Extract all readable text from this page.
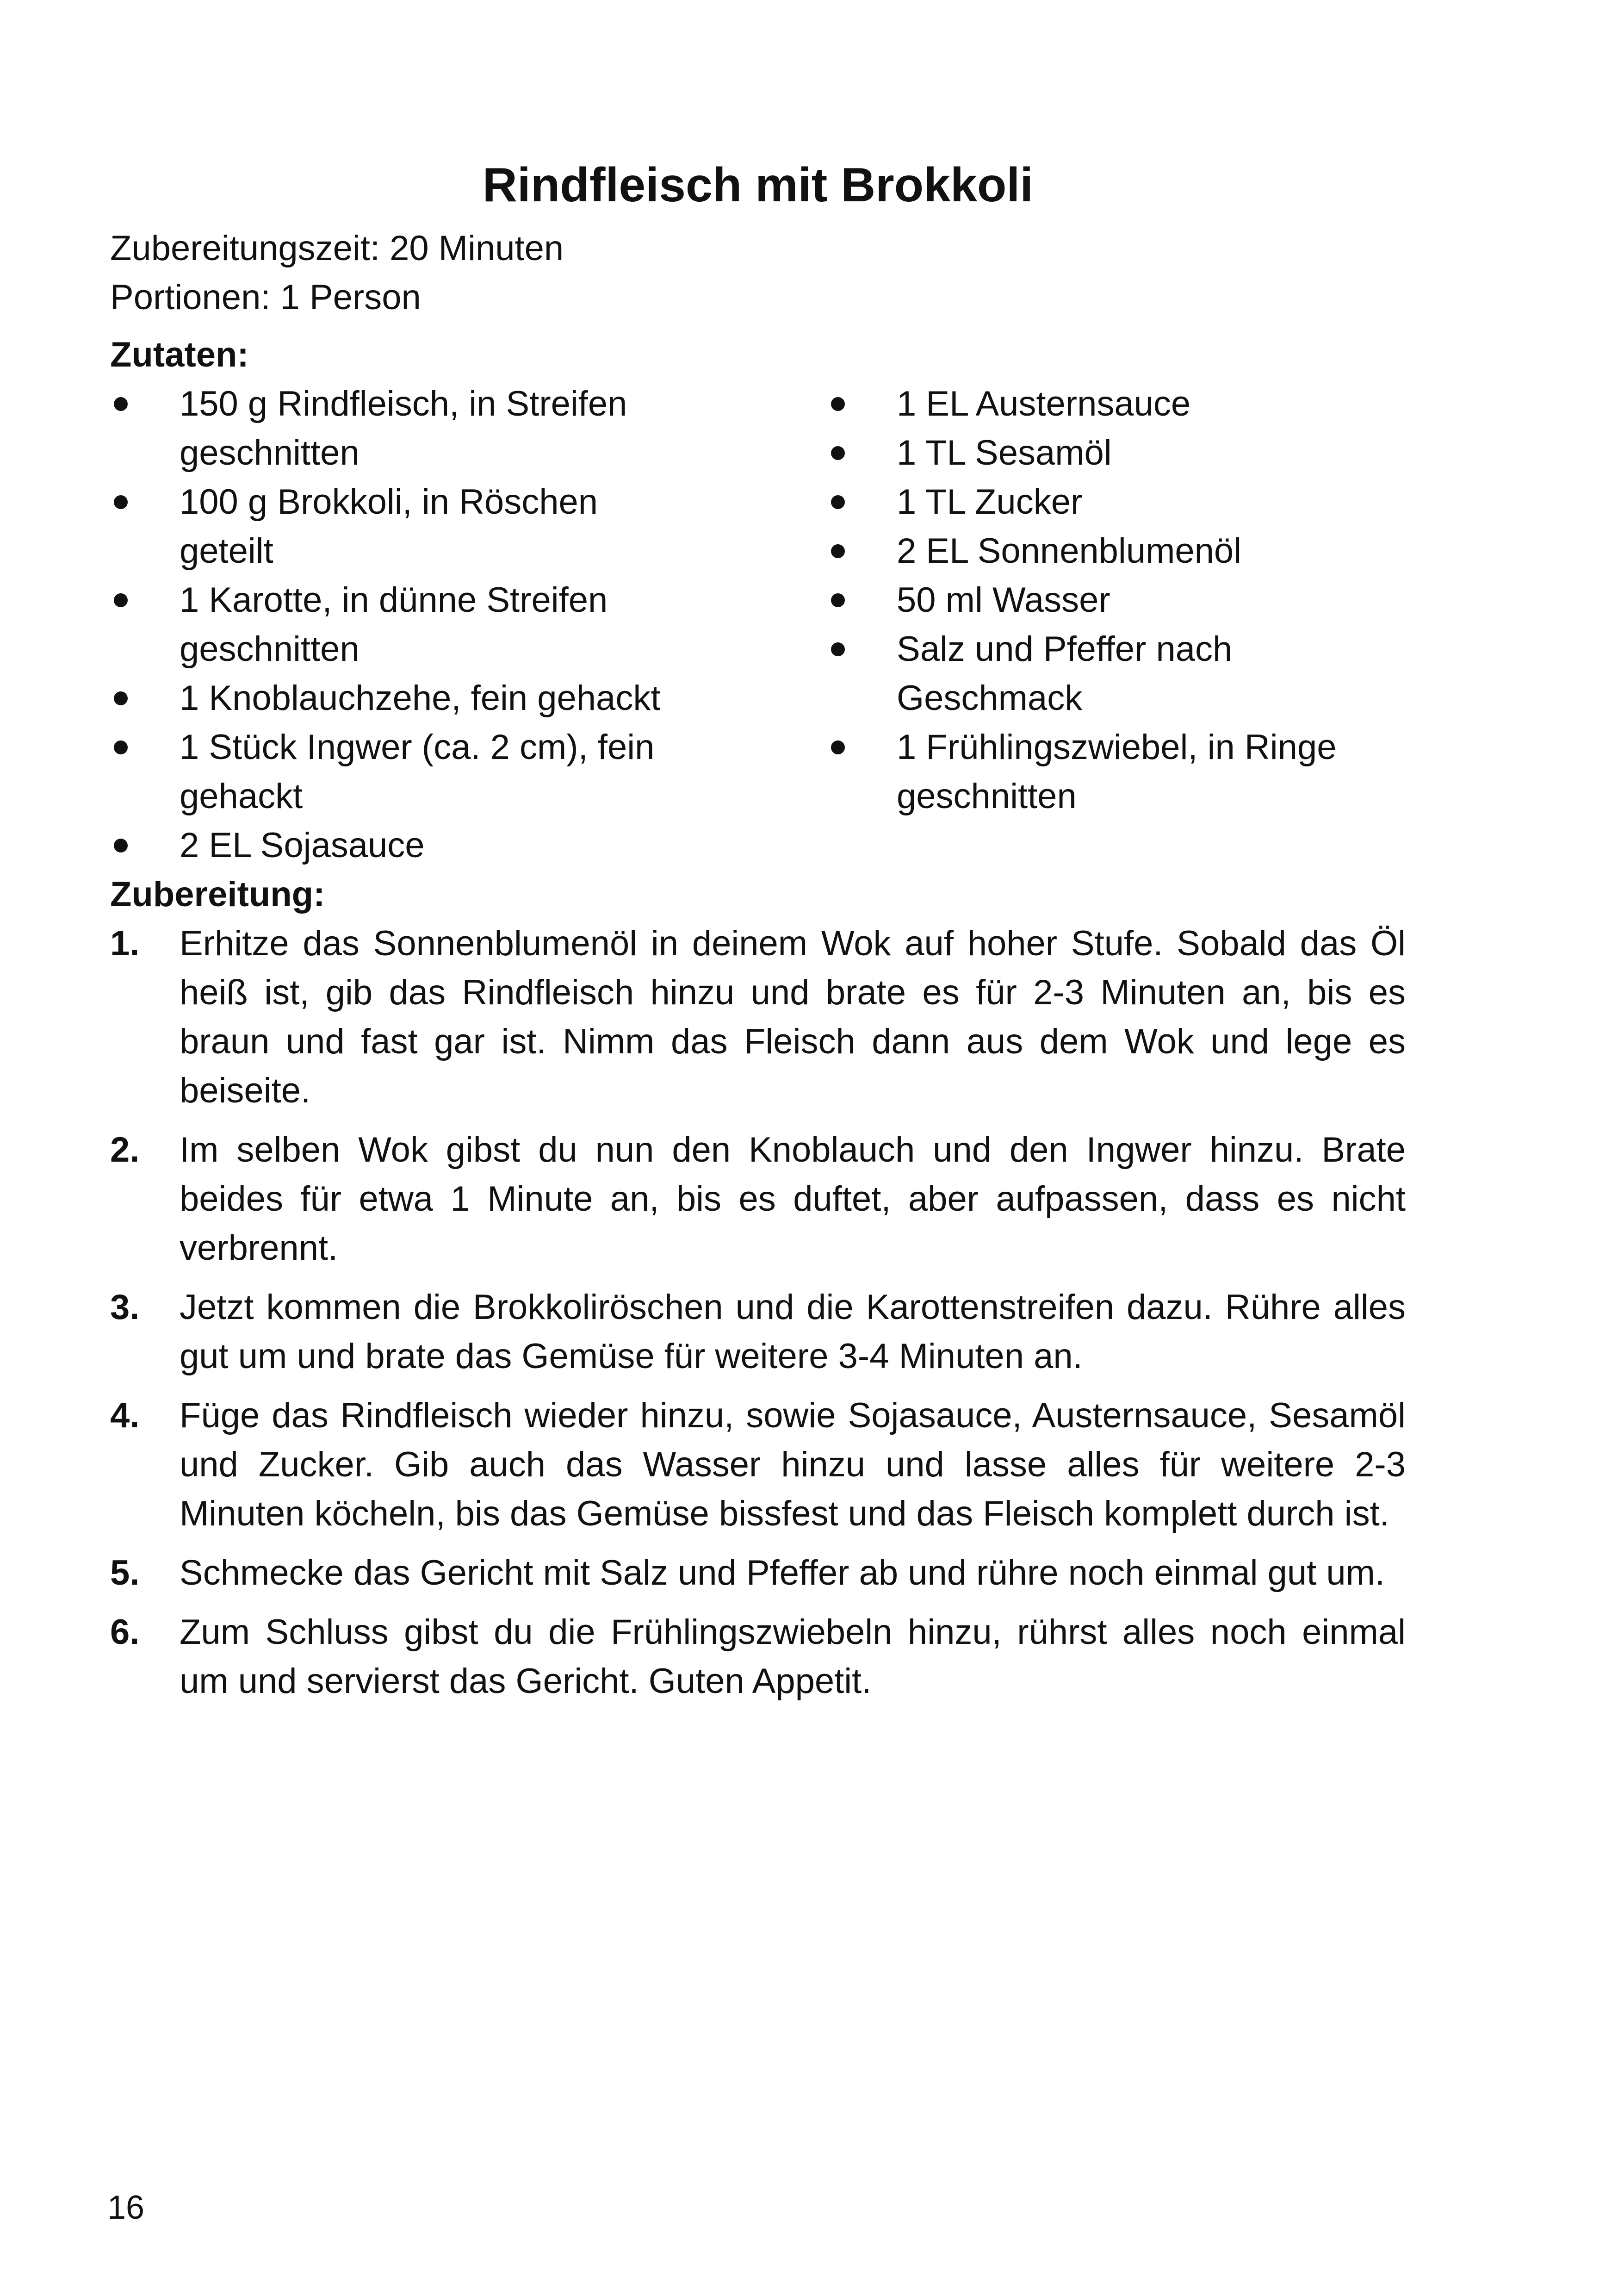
Rindfleisch mit Brokkoli

Zubereitungszeit: 20 Minuten

Portionen: 1 Person

Zutaten:
150 g Rindfleisch, in Streifen geschnitten
100 g Brokkoli, in Röschen geteilt
1 Karotte, in dünne Streifen geschnitten
1 Knoblauchzehe, fein gehackt
1 Stück Ingwer (ca. 2 cm), fein gehackt
2 EL Sojasauce
1 EL Austernsauce
1 TL Sesamöl
1 TL Zucker
2 EL Sonnenblumenöl
50 ml Wasser
Salz und Pfeffer nach Geschmack
1 Frühlingszwiebel, in Ringe geschnitten
Zubereitung:
1. Erhitze das Sonnenblumenöl in deinem Wok auf hoher Stufe. Sobald das Öl heiß ist, gib das Rindfleisch hinzu und brate es für 2-3 Minuten an, bis es braun und fast gar ist. Nimm das Fleisch dann aus dem Wok und lege es beiseite.
2. Im selben Wok gibst du nun den Knoblauch und den Ingwer hinzu. Brate beides für etwa 1 Minute an, bis es duftet, aber aufpassen, dass es nicht verbrennt.
3. Jetzt kommen die Brokkoliröschen und die Karottenstreifen dazu. Rühre alles gut um und brate das Gemüse für weitere 3-4 Minuten an.
4. Füge das Rindfleisch wieder hinzu, sowie Sojasauce, Austernsauce, Sesamöl und Zucker. Gib auch das Wasser hinzu und lasse alles für weitere 2-3 Minuten köcheln, bis das Gemüse bissfest und das Fleisch komplett durch ist.
5. Schmecke das Gericht mit Salz und Pfeffer ab und rühre noch einmal gut um.
6. Zum Schluss gibst du die Frühlingszwiebeln hinzu, rührst alles noch einmal um und servierst das Gericht. Guten Appetit.
16
